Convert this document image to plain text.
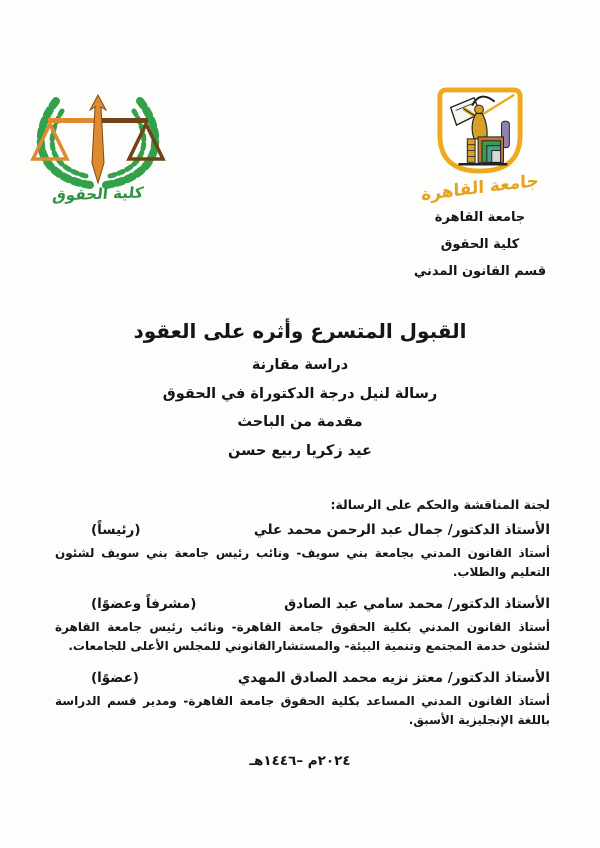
كلية الحقوق	جامعة القاهرة
جامعة القاهرة
كلية الحقوق
قسم القانون المدني
القبول المتسرع وأثره على العقود
دراسة مقارنة
رسالة لنيل درجة الدكتوراة في الحقوق
مقدمة من الباحث
عيد زكريا ربيع حسن
لجنة المناقشة والحكم على الرسالة:
الأستاذ الدكتور/ جمال عبد الرحمن محمد علي
(رئيساً)
أستاذ القانون المدني بجامعة بني سويف- ونائب رئيس جامعة بني سويف لشئون التعليم والطلاب.
الأستاذ الدكتور/ محمد سامي عبد الصادق
(مشرفاً وعضوًا)
أستاذ القانون المدني بكلية الحقوق جامعة القاهرة- ونائب رئيس جامعة القاهرة لشئون خدمة المجتمع وتنمية البيئة- والمستشارالقانوني للمجلس الأعلى للجامعات.
الأستاذ الدكتور/ معتز نزيه محمد الصادق المهدي
(عضوًا)
أستاذ القانون المدني المساعد بكلية الحقوق جامعة القاهرة- ومدير قسم الدراسة باللغة الإنجليزية الأسبق.
٢٠٢٤م –١٤٤٦هـ
